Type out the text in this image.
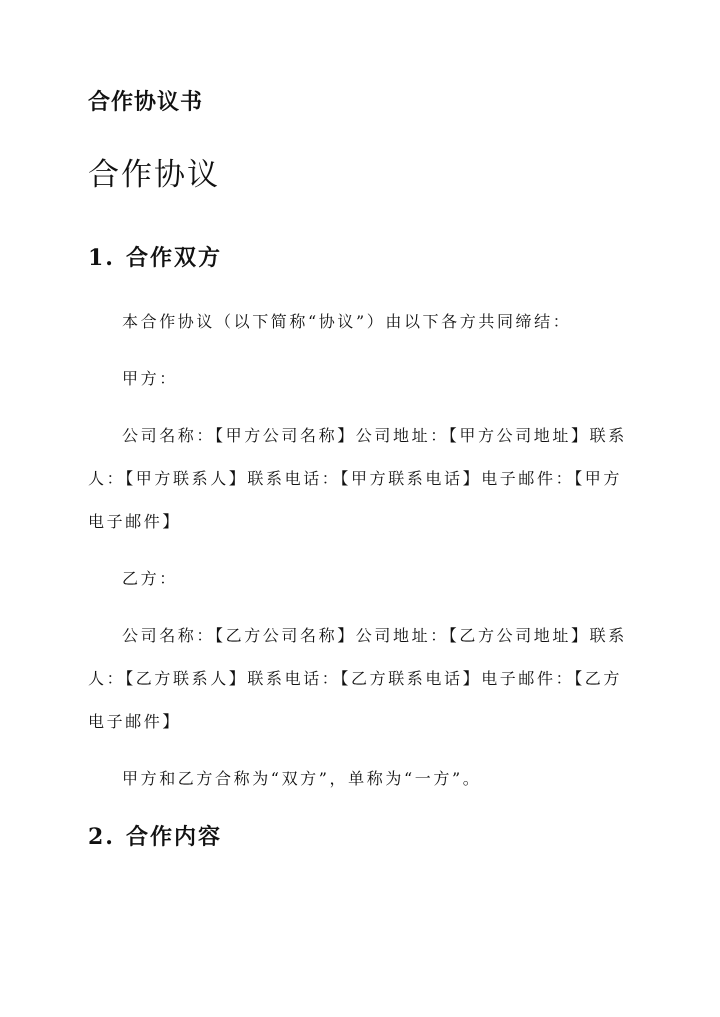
合作协议书
合作协议
1. 合作双方

本合作协议（以下简称“协议”）由以下各方共同缔结：

甲方：

公司名称：【甲方公司名称】公司地址：【甲方公司地址】联系人：【甲方联系人】联系电话：【甲方联系电话】电子邮件：【甲方电子邮件】

乙方：

公司名称：【乙方公司名称】公司地址：【乙方公司地址】联系人：【乙方联系人】联系电话：【乙方联系电话】电子邮件：【乙方电子邮件】

甲方和乙方合称为“双方”，单称为“一方”。

2. 合作内容
